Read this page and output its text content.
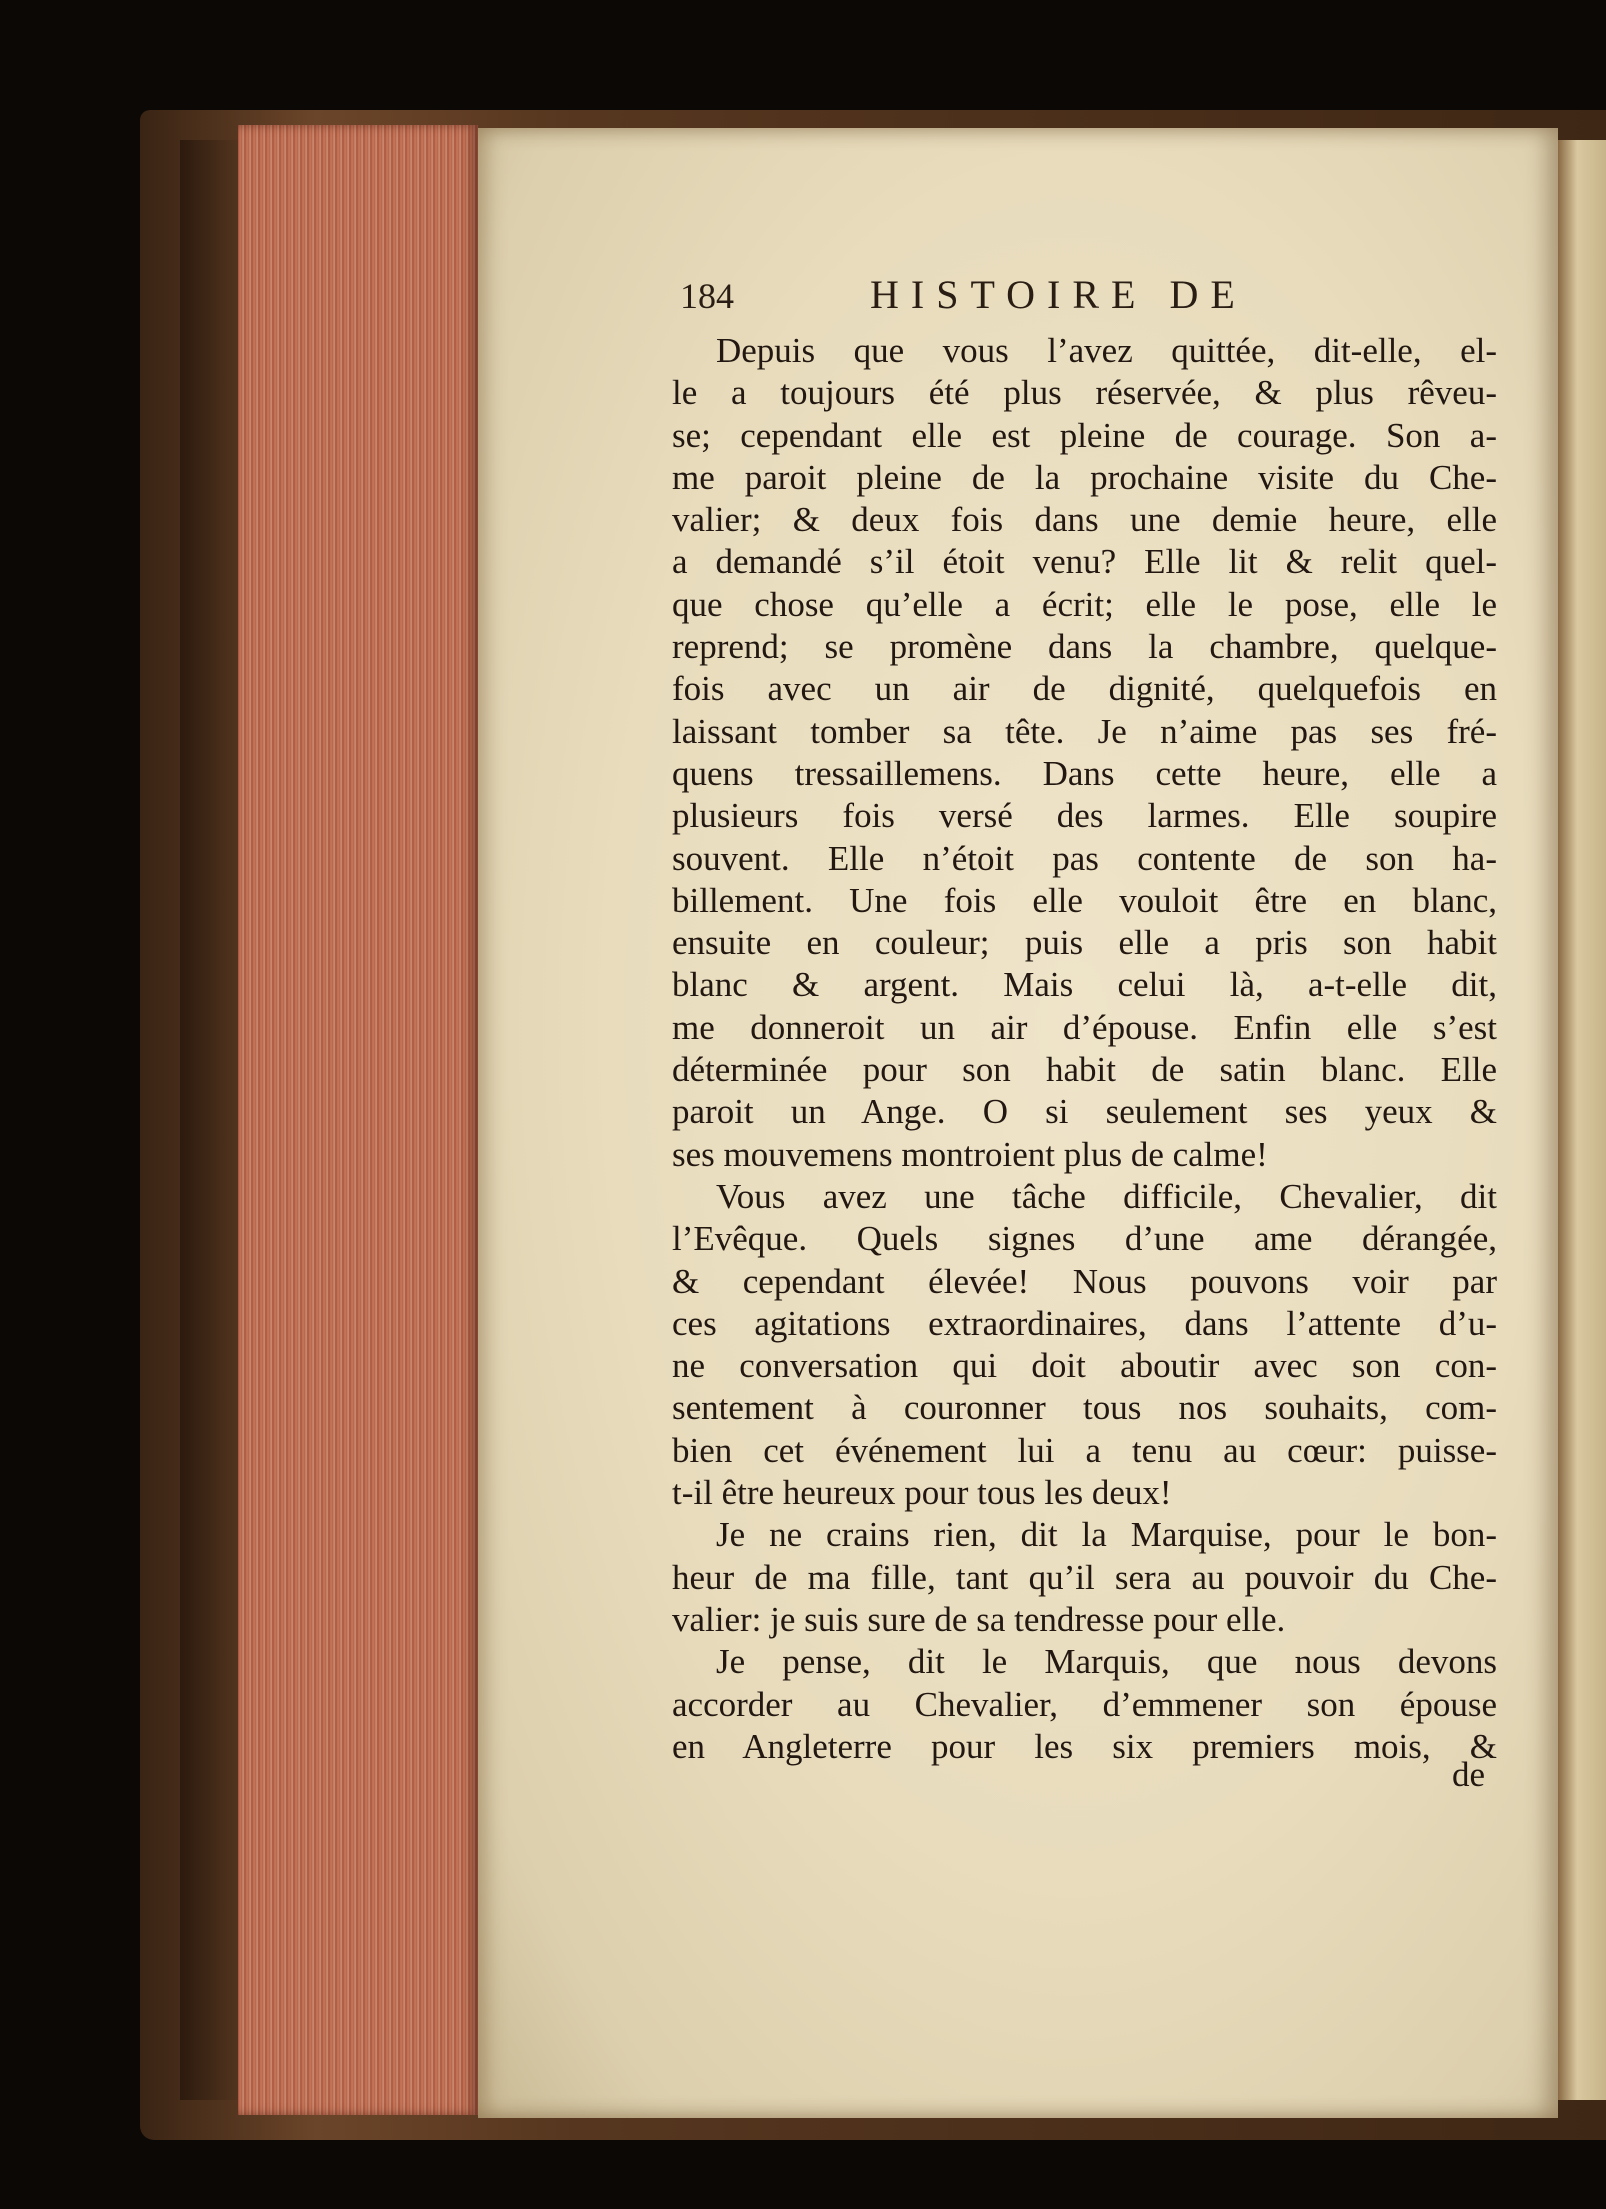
184	HISTOIRE DE
Depuis que vous l’avez quittée, dit-elle, el-
le a toujours été plus réservée, & plus rêveu-
se; cependant elle est pleine de courage. Son a-
me paroit pleine de la prochaine visite du Che-
valier; & deux fois dans une demie heure, elle
a demandé s’il étoit venu? Elle lit & relit quel-
que chose qu’elle a écrit; elle le pose, elle le
reprend; se promène dans la chambre, quelque-
fois avec un air de dignité, quelquefois en
laissant tomber sa tête. Je n’aime pas ses fré-
quens tressaillemens. Dans cette heure, elle a
plusieurs fois versé des larmes. Elle soupire
souvent. Elle n’étoit pas contente de son ha-
billement. Une fois elle vouloit être en blanc,
ensuite en couleur; puis elle a pris son habit
blanc & argent. Mais celui là, a-t-elle dit,
me donneroit un air d’épouse. Enfin elle s’est
déterminée pour son habit de satin blanc. Elle
paroit un Ange. O si seulement ses yeux &
ses mouvemens montroient plus de calme!
Vous avez une tâche difficile, Chevalier, dit
l’Evêque. Quels signes d’une ame dérangée,
& cependant élevée! Nous pouvons voir par
ces agitations extraordinaires, dans l’attente d’u-
ne conversation qui doit aboutir avec son con-
sentement à couronner tous nos souhaits, com-
bien cet événement lui a tenu au cœur: puisse-
t-il être heureux pour tous les deux!
Je ne crains rien, dit la Marquise, pour le bon-
heur de ma fille, tant qu’il sera au pouvoir du Che-
valier: je suis sure de sa tendresse pour elle.
Je pense, dit le Marquis, que nous devons
accorder au Chevalier, d’emmener son épouse
en Angleterre pour les six premiers mois, &
de
